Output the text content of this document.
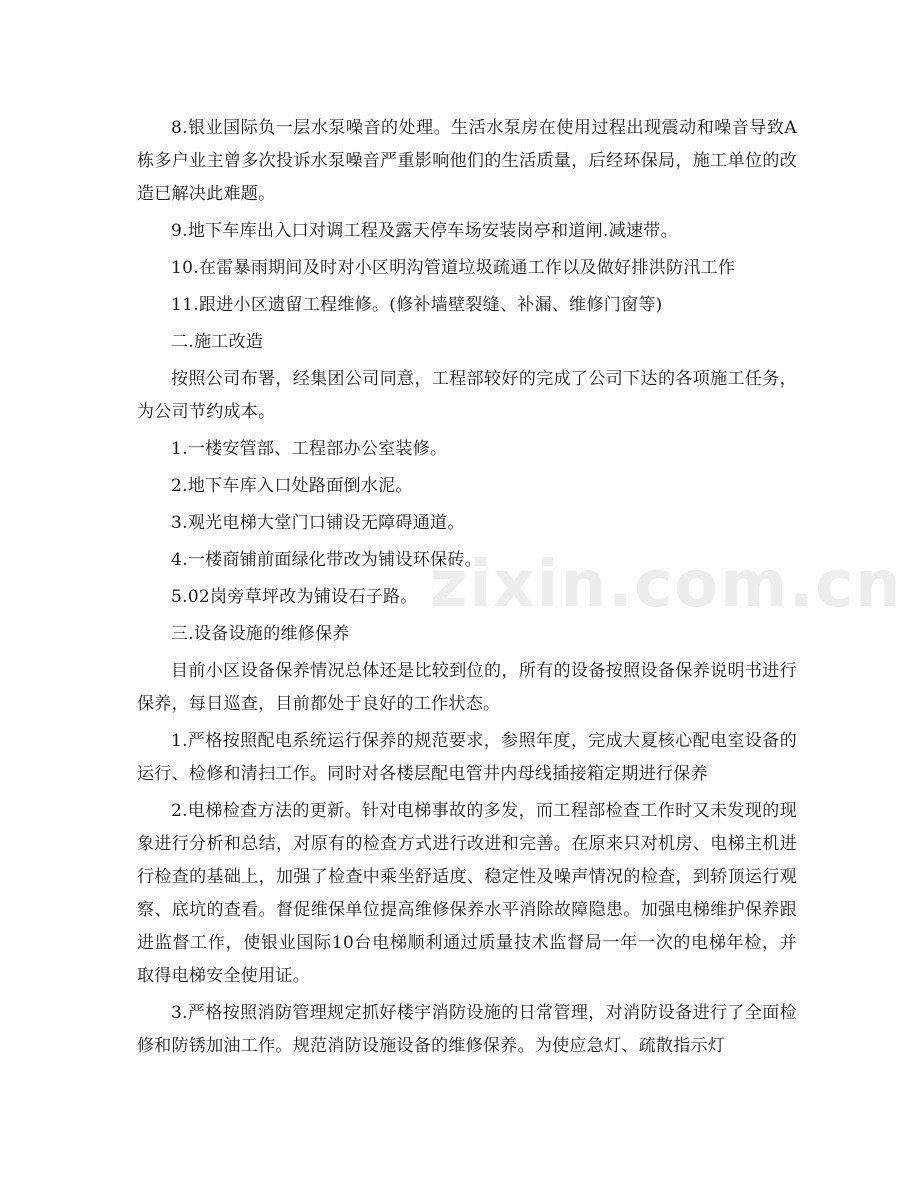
8.银业国际负一层水泵噪音的处理。生活水泵房在使用过程出现震动和噪音导致A栋多户业主曾多次投诉水泵噪音严重影响他们的生活质量，后经环保局，施工单位的改造已解决此难题。

9.地下车库出入口对调工程及露天停车场安装岗亭和道闸.减速带。

10.在雷暴雨期间及时对小区明沟管道垃圾疏通工作以及做好排洪防汛工作

11.跟进小区遗留工程维修。(修补墙壁裂缝、补漏、维修门窗等)

二.施工改造

按照公司布署，经集团公司同意，工程部较好的完成了公司下达的各项施工任务，为公司节约成本。

1.一楼安管部、工程部办公室装修。

2.地下车库入口处路面倒水泥。

3.观光电梯大堂门口铺设无障碍通道。

4.一楼商铺前面绿化带改为铺设环保砖。

5.02岗旁草坪改为铺设石子路。

三.设备设施的维修保养

目前小区设备保养情况总体还是比较到位的，所有的设备按照设备保养说明书进行保养，每日巡查，目前都处于良好的工作状态。

1.严格按照配电系统运行保养的规范要求，参照年度，完成大夏核心配电室设备的运行、检修和清扫工作。同时对各楼层配电管井内母线插接箱定期进行保养

2.电梯检查方法的更新。针对电梯事故的多发，而工程部检查工作时又未发现的现象进行分析和总结，对原有的检查方式进行改进和完善。在原来只对机房、电梯主机进行检查的基础上，加强了检查中乘坐舒适度、稳定性及噪声情况的检查，到轿顶运行观察、底坑的查看。督促维保单位提高维修保养水平消除故障隐患。加强电梯维护保养跟进监督工作，使银业国际10台电梯顺利通过质量技术监督局一年一次的电梯年检，并取得电梯安全使用证。

3.严格按照消防管理规定抓好楼宇消防设施的日常管理，对消防设备进行了全面检修和防锈加油工作。规范消防设施设备的维修保养。为使应急灯、疏散指示灯

zixin.com.cn
